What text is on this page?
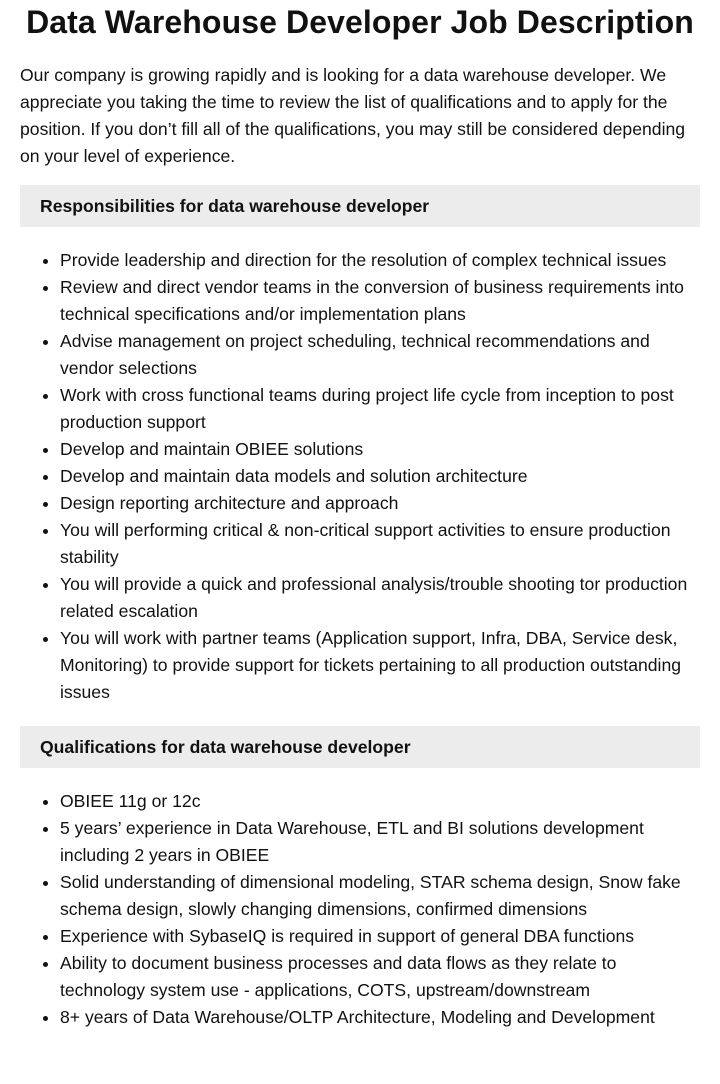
Data Warehouse Developer Job Description

Our company is growing rapidly and is looking for a data warehouse developer. We appreciate you taking the time to review the list of qualifications and to apply for the position. If you don’t fill all of the qualifications, you may still be considered depending on your level of experience.

Responsibilities for data warehouse developer
• Provide leadership and direction for the resolution of complex technical issues
• Review and direct vendor teams in the conversion of business requirements into technical specifications and/or implementation plans
• Advise management on project scheduling, technical recommendations and vendor selections
• Work with cross functional teams during project life cycle from inception to post production support
• Develop and maintain OBIEE solutions
• Develop and maintain data models and solution architecture
• Design reporting architecture and approach
• You will performing critical & non-critical support activities to ensure production stability
• You will provide a quick and professional analysis/trouble shooting tor production related escalation
• You will work with partner teams (Application support, Infra, DBA, Service desk, Monitoring) to provide support for tickets pertaining to all production outstanding issues
Qualifications for data warehouse developer
• OBIEE 11g or 12c
• 5 years’ experience in Data Warehouse, ETL and BI solutions development including 2 years in OBIEE
• Solid understanding of dimensional modeling, STAR schema design, Snow fake schema design, slowly changing dimensions, confirmed dimensions
• Experience with SybaseIQ is required in support of general DBA functions
• Ability to document business processes and data flows as they relate to technology system use - applications, COTS, upstream/downstream
• 8+ years of Data Warehouse/OLTP Architecture, Modeling and Development
